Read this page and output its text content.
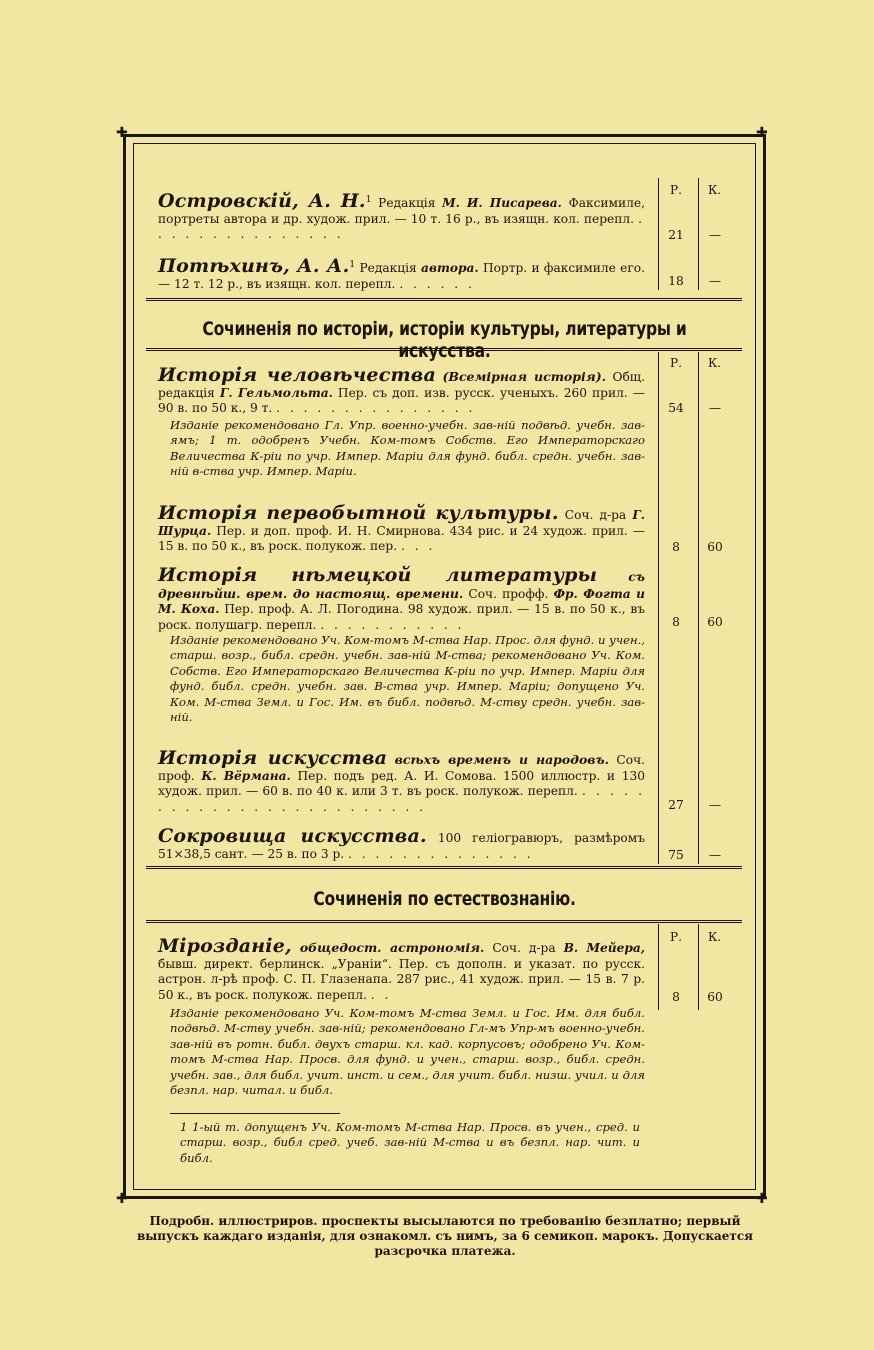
✚	✚
✚	✚
Р. К.
Островскій, А. Н.$^1$ Редакція М. И. Писарева. Факсимиле, портреты автора и др. худож. прил. — 10 т. 16 р., въ изящн. кол. перепл. . . . . . . . . . . . . . . .	21	—
Потѣхинъ, А. А.$^1$ Редакція автора. Портр. и факсимиле его. — 12 т. 12 р., въ изящн. кол. перепл. . . . . . .	18	—
Сочиненія по исторіи, исторіи культуры, литературы и искусства.
Р. К.
Исторія человѣчества (Всемірная исторія). Общ. редакція Г. Гельмольта. Пер. съ доп. изв. русск. ученыхъ. 260 прил. — 90 в. по 50 к., 9 т. . . . . . . . . . . . . . . .	54	—
Изданіе рекомендовано Гл. Упр. военно-учебн. зав-ній подвѣд. учебн. зав-ямъ; 1 т. одобренъ Учебн. Ком-томъ Собств. Его Императорскаго Величества К-ріи по учр. Импер. Маріи для фунд. библ. средн. учебн. зав-ній в-ства учр. Импер. Маріи.
Исторія первобытной культуры. Соч. д-ра Г. Шурца. Пер. и доп. проф. И. Н. Смирнова. 434 рис. и 24 худож. прил. — 15 в. по 50 к., въ роск. полукож. пер. . . .	8	60
Исторія нѣмецкой литературы съ древнѣйш. врем. до настоящ. времени. Соч. профф. Фр. Фогта и М. Коха. Пер. проф. А. Л. Погодина. 98 худож. прил. — 15 в. по 50 к., въ роск. полушагр. перепл. . . . . . . . . . . .	8	60
Изданіе рекомендовано Уч. Ком-томъ М-ства Нар. Прос. для фунд. и учен., старш. возр., библ. средн. учебн. зав-ній М-ства; рекомендовано Уч. Ком. Собств. Его Императорскаго Величества К-ріи по учр. Импер. Маріи для фунд. библ. средн. учебн. зав. В-ства учр. Импер. Маріи; допущено Уч. Ком. М-ства Земл. и Гос. Им. въ библ. подвѣд. М-ству средн. учебн. зав-ній.
Исторія искусства всѣхъ временъ и народовъ. Соч. проф. К. Вёрмана. Пер. подъ ред. А. И. Сомова. 1500 иллюстр. и 130 худож. прил. — 60 в. по 40 к. или 3 т. въ роск. полукож. перепл. . . . . . . . . . . . . . . . . . . . . . . . . .	27	—
Сокровища искусства. 100 геліогравюръ, размѣромъ 51×38,5 сант. — 25 в. по 3 р. . . . . . . . . . . . . . .	75	—
Сочиненія по естествознанію.
Р. К.
Мірозданіе, общедост. астрономія. Соч. д-ра В. Мейера, бывш. директ. берлинск. „Ураніи“. Пер. съ дополн. и указат. по русск. астрон. л-рѣ проф. С. П. Глазенапа. 287 рис., 41 худож. прил. — 15 в. 7 р. 50 к., въ роск. полукож. перепл. . .	8	60
Изданіе рекомендовано Уч. Ком-томъ М-ства Земл. и Гос. Им. для библ. подвѣд. М-ству учебн. зав-ній; рекомендовано Гл-мъ Упр-мъ военно-учебн. зав-ній въ ротн. библ. двухъ старш. кл. кад. корпусовъ; одобрено Уч. Ком-томъ М-ства Нар. Просв. для фунд. и учен., старш. возр., библ. средн. учебн. зав., для библ. учит. инст. и сем., для учит. библ. низш. учил. и для безпл. нар. читал. и библ.
1 1-ый т. допущенъ Уч. Ком-томъ М-ства Нар. Просв. въ учен., сред. и старш. возр., библ сред. учеб. зав-ній М-ства и въ безпл. нар. чит. и библ.
Подробн. иллюстриров. проспекты высылаются по требованію безплатно; первый выпускъ каждаго изданія, для ознакомл. съ нимъ, за 6 семикоп. марокъ. Допускается разсрочка платежа.
